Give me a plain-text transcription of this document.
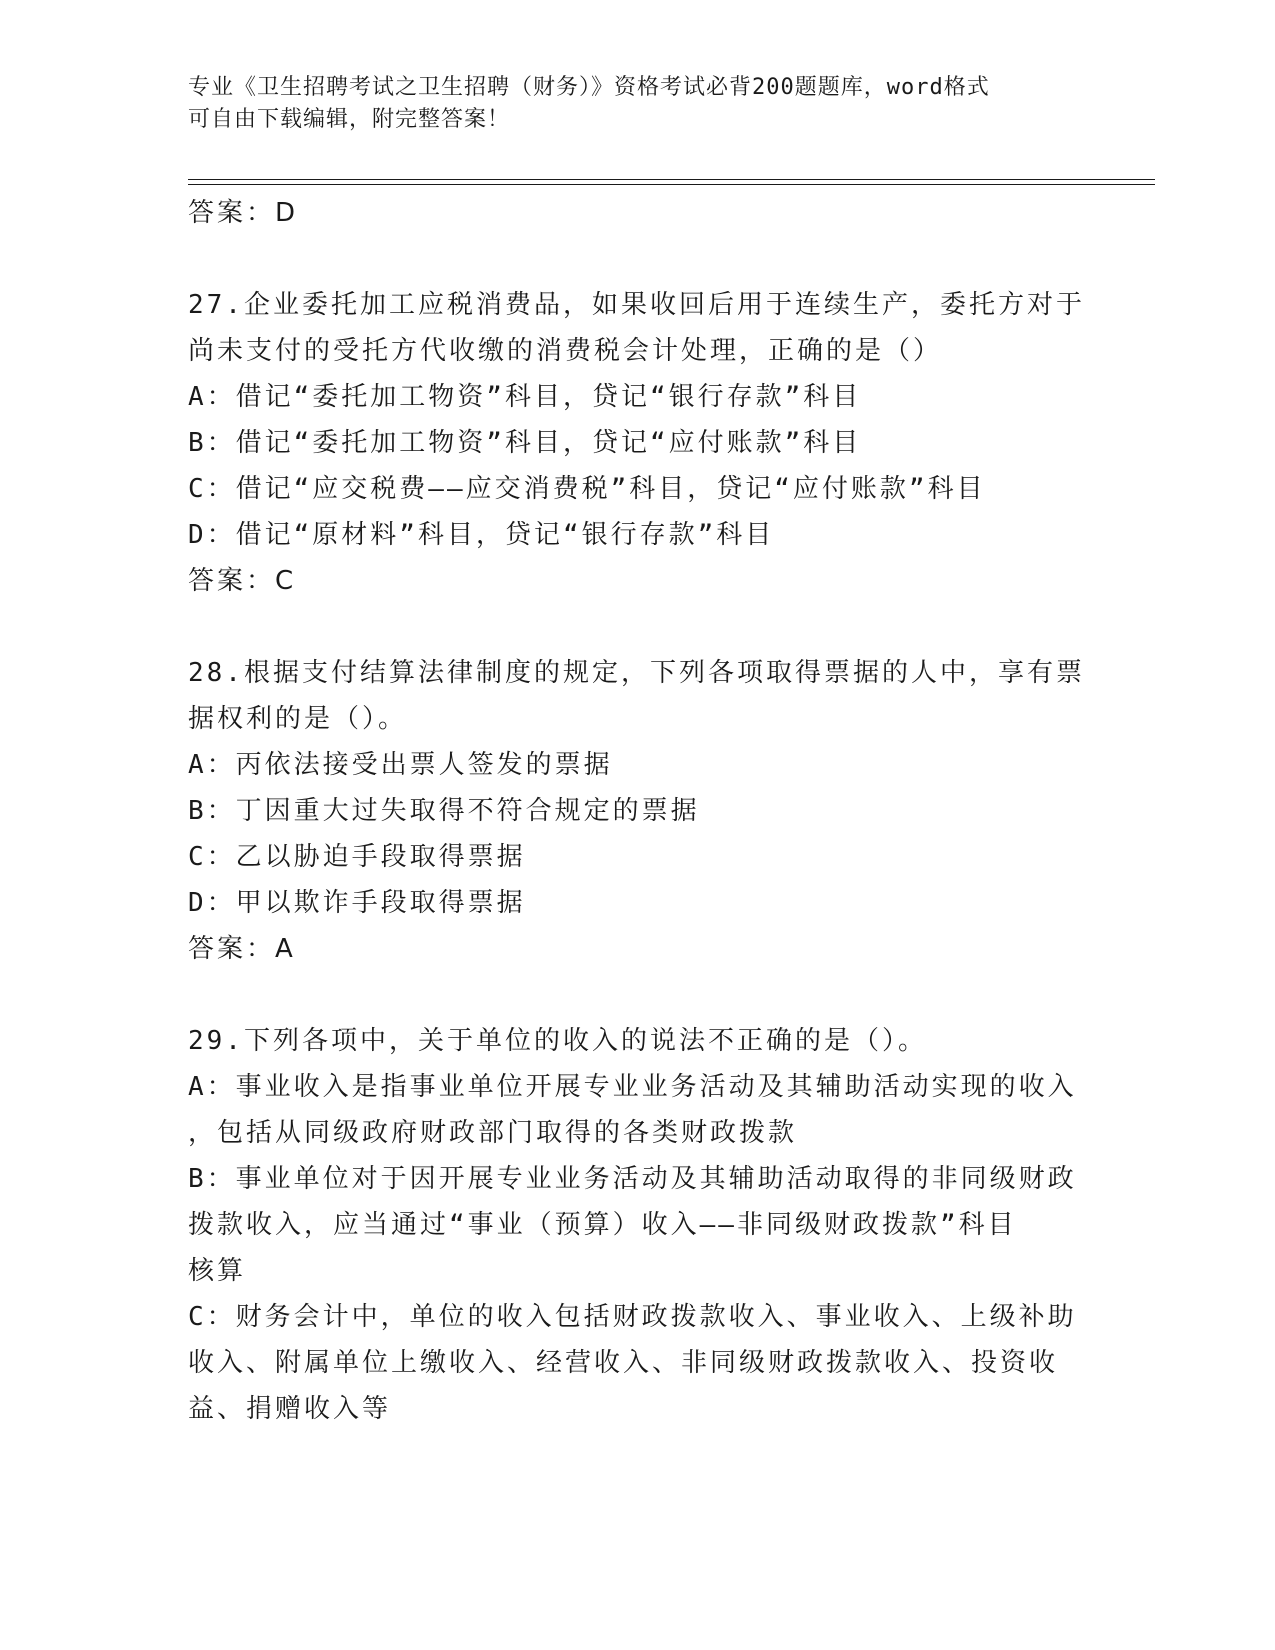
专业《卫生招聘考试之卫生招聘（财务）》资格考试必背200题题库，word格式
可自由下载编辑，附完整答案！
答案：D
27.企业委托加工应税消费品，如果收回后用于连续生产，委托方对于
尚未支付的受托方代收缴的消费税会计处理，正确的是（）
A：借记“委托加工物资”科目，贷记“银行存款”科目
B：借记“委托加工物资”科目，贷记“应付账款”科目
C：借记“应交税费——应交消费税”科目，贷记“应付账款”科目
D：借记“原材料”科目，贷记“银行存款”科目
答案：C
28.根据支付结算法律制度的规定，下列各项取得票据的人中，享有票
据权利的是（）。
A：丙依法接受出票人签发的票据
B：丁因重大过失取得不符合规定的票据
C：乙以胁迫手段取得票据
D：甲以欺诈手段取得票据
答案：A
29.下列各项中，关于单位的收入的说法不正确的是（）。
A：事业收入是指事业单位开展专业业务活动及其辅助活动实现的收入
，包括从同级政府财政部门取得的各类财政拨款
B：事业单位对于因开展专业业务活动及其辅助活动取得的非同级财政
拨款收入，应当通过“事业（预算）收入——非同级财政拨款”科目
核算
C：财务会计中，单位的收入包括财政拨款收入、事业收入、上级补助
收入、附属单位上缴收入、经营收入、非同级财政拨款收入、投资收
益、捐赠收入等
